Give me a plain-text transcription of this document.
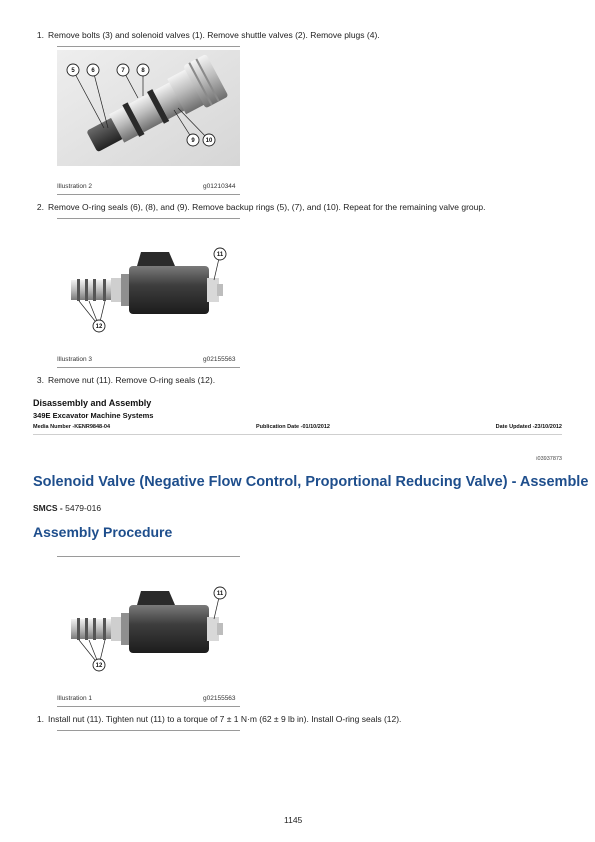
1. Remove bolts (3) and solenoid valves (1). Remove shuttle valves (2). Remove plugs (4).
5	6	7	8
9 10
Illustration 2	g01210344
2. Remove O-ring seals (6), (8), and (9). Remove backup rings (5), (7), and (10). Repeat for the remaining valve group.
11
12
Illustration 3	g02155563
3. Remove nut (11). Remove O-ring seals (12).
Disassembly and Assembly
349E Excavator Machine Systems
Media Number -KENR9848-04	Publication Date -01/10/2012	Date Updated -23/10/2012
i03937873
Solenoid Valve (Negative Flow Control, Proportional Reducing Valve) - Assemble
SMCS - 5479-016
Assembly Procedure
11
12
Illustration 1	g02155563
1. Install nut (11). Tighten nut (11) to a torque of 7 ± 1 N·m (62 ± 9 lb in). Install O-ring seals (12).
1145
